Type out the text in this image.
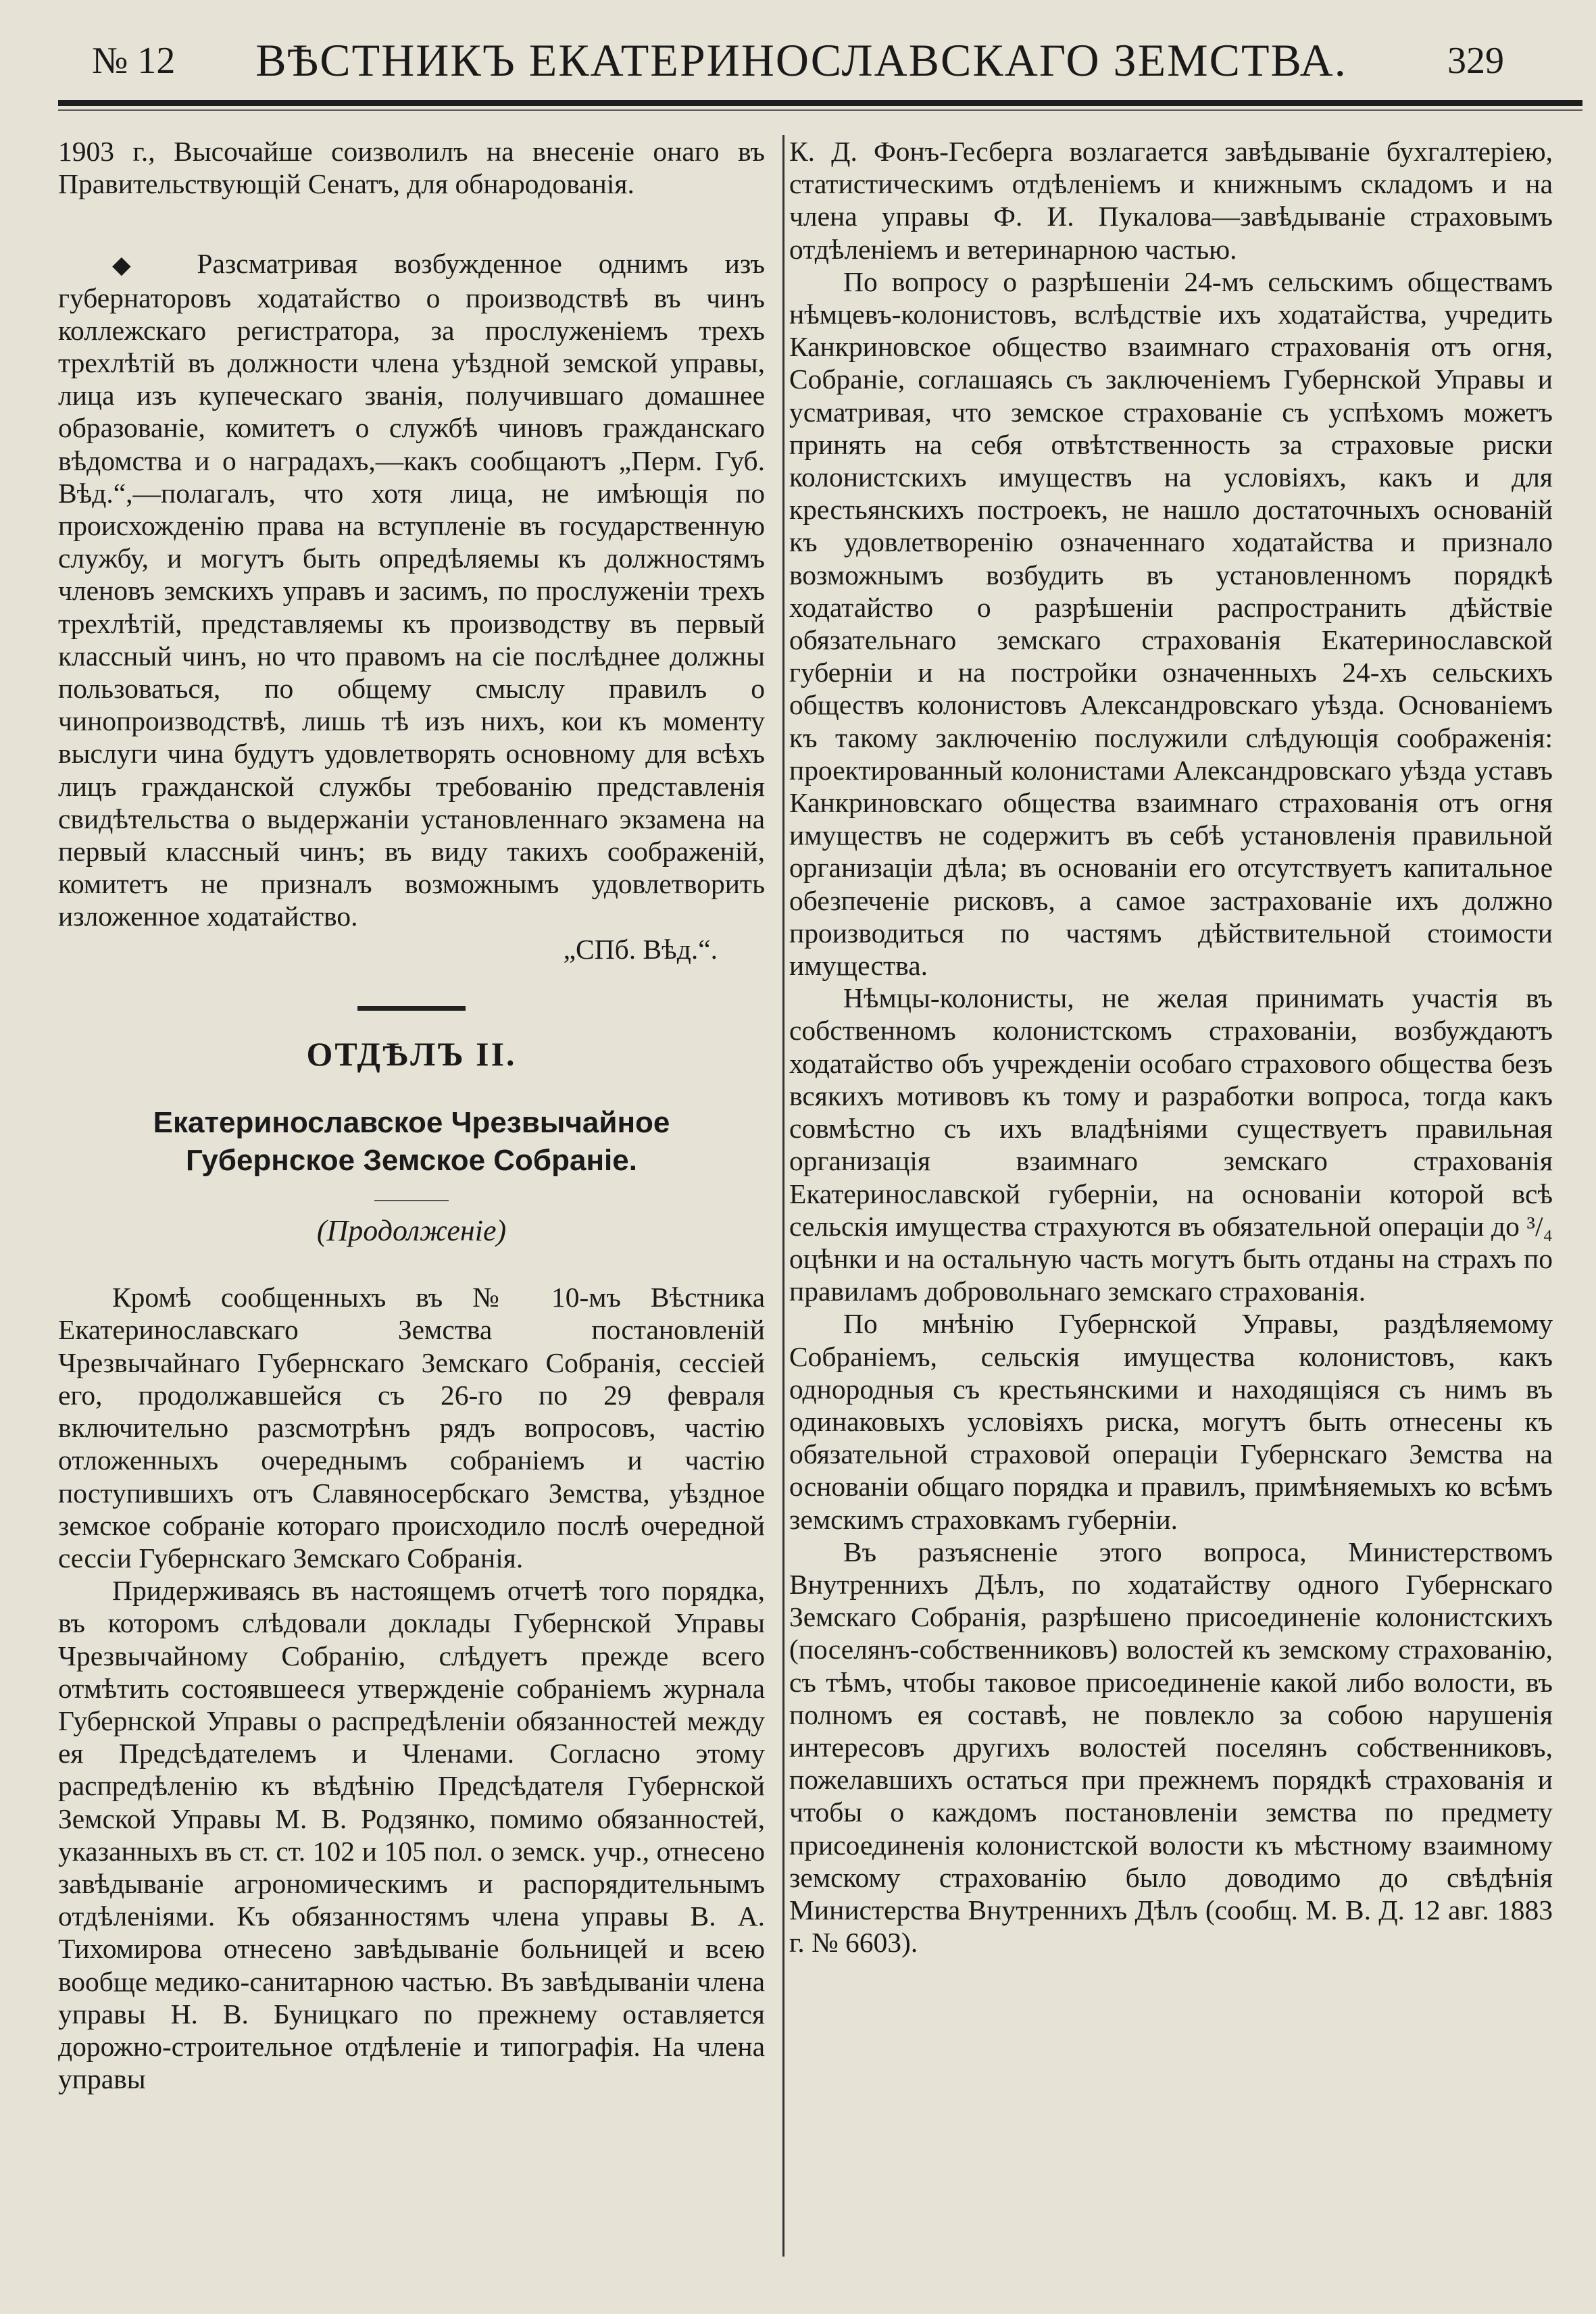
№ 12	ВѢСТНИКЪ ЕКАТЕРИНОСЛАВСКАГО ЗЕМСТВА.	329

1903 г., Высочайше соизволилъ на внесеніе онаго въ Правительствующій Сенатъ, для обнародованія.

◆ Разсматривая возбужденное однимъ изъ губернаторовъ ходатайство о производствѣ въ чинъ коллежскаго регистратора, за прослуженіемъ трехъ трехлѣтій въ должности члена уѣздной земской управы, лица изъ купеческаго званія, получившаго домашнее образованіе, комитетъ о службѣ чиновъ гражданскаго вѣдомства и о наградахъ,—какъ сообщаютъ „Перм. Губ. Вѣд.“,—полагалъ, что хотя лица, не имѣющія по происхожденію права на вступленіе въ государственную службу, и могутъ быть опредѣляемы къ должностямъ членовъ земскихъ управъ и засимъ, по прослуженіи трехъ трехлѣтій, представляемы къ производству въ первый классный чинъ, но что правомъ на сіе послѣднее должны пользоваться, по общему смыслу правилъ о чинопроизводствѣ, лишь тѣ изъ нихъ, кои къ моменту выслуги чина будутъ удовлетворять основному для всѣхъ лицъ гражданской службы требованію представленія свидѣтельства о выдержаніи установленнаго экзамена на первый классный чинъ; въ виду такихъ соображеній, комитетъ не призналъ возможнымъ удовлетворить изложенное ходатайство.

„СПб. Вѣд.“.

ОТДѢЛЪ II.
Екатеринославское Чрезвычайное Губернское Земское Собраніе.
(Продолженіе)

Кромѣ сообщенныхъ въ № 10-мъ Вѣстника Екатеринославскаго Земства постановленій Чрезвычайнаго Губернскаго Земскаго Собранія, сессіей его, продолжавшейся съ 26-го по 29 февраля включительно разсмотрѣнъ рядъ вопросовъ, частію отложенныхъ очереднымъ собраніемъ и частію поступившихъ отъ Славяносербскаго Земства, уѣздное земское собраніе котораго происходило послѣ очередной сессіи Губернскаго Земскаго Собранія.

Придерживаясь въ настоящемъ отчетѣ того порядка, въ которомъ слѣдовали доклады Губернской Управы Чрезвычайному Собранію, слѣдуетъ прежде всего отмѣтить состоявшееся утвержденіе собраніемъ журнала Губернской Управы о распредѣленіи обязанностей между ея Предсѣдателемъ и Членами. Согласно этому распредѣленію къ вѣдѣнію Предсѣдателя Губернской Земской Управы М. В. Родзянко, помимо обязанностей, указанныхъ въ ст. ст. 102 и 105 пол. о земск. учр., отнесено завѣдываніе агрономическимъ и распорядительнымъ отдѣленіями. Къ обязанностямъ члена управы В. А. Тихомирова отнесено завѣдываніе больницей и всею вообще медико-санитарною частью. Въ завѣдываніи члена управы Н. В. Буницкаго по прежнему оставляется дорожно-строительное отдѣленіе и типографія. На члена управы

К. Д. Фонъ-Гесберга возлагается завѣдываніе бухгалтеріею, статистическимъ отдѣленіемъ и книжнымъ складомъ и на члена управы Ф. И. Пукалова—завѣдываніе страховымъ отдѣленіемъ и ветеринарною частью.

По вопросу о разрѣшеніи 24-мъ сельскимъ обществамъ нѣмцевъ-колонистовъ, вслѣдствіе ихъ ходатайства, учредить Канкриновское общество взаимнаго страхованія отъ огня, Собраніе, соглашаясь съ заключеніемъ Губернской Управы и усматривая, что земское страхованіе съ успѣхомъ можетъ принять на себя отвѣтственность за страховые риски колонистскихъ имуществъ на условіяхъ, какъ и для крестьянскихъ построекъ, не нашло достаточныхъ основаній къ удовлетворенію означеннаго ходатайства и признало возможнымъ возбудить въ установленномъ порядкѣ ходатайство о разрѣшеніи распространить дѣйствіе обязательнаго земскаго страхованія Екатеринославской губерніи и на постройки означенныхъ 24-хъ сельскихъ обществъ колонистовъ Александровскаго уѣзда. Основаніемъ къ такому заключенію послужили слѣдующія соображенія: проектированный колонистами Александровскаго уѣзда уставъ Канкриновскаго общества взаимнаго страхованія отъ огня имуществъ не содержитъ въ себѣ установленія правильной организаціи дѣла; въ основаніи его отсутствуетъ капитальное обезпеченіе рисковъ, а самое застрахованіе ихъ должно производиться по частямъ дѣйствительной стоимости имущества.

Нѣмцы-колонисты, не желая принимать участія въ собственномъ колонистскомъ страхованіи, возбуждаютъ ходатайство объ учрежденіи особаго страхового общества безъ всякихъ мотивовъ къ тому и разработки вопроса, тогда какъ совмѣстно съ ихъ владѣніями существуетъ правильная организація взаимнаго земскаго страхованія Екатеринославской губерніи, на основаніи которой всѣ сельскія имущества страхуются въ обязательной операціи до ³/₄ оцѣнки и на остальную часть могутъ быть отданы на страхъ по правиламъ добровольнаго земскаго страхованія.

По мнѣнію Губернской Управы, раздѣляемому Собраніемъ, сельскія имущества колонистовъ, какъ однородныя съ крестьянскими и находящіяся съ нимъ въ одинаковыхъ условіяхъ риска, могутъ быть отнесены къ обязательной страховой операціи Губернскаго Земства на основаніи общаго порядка и правилъ, примѣняемыхъ ко всѣмъ земскимъ страховкамъ губерніи.

Въ разъясненіе этого вопроса, Министерствомъ Внутреннихъ Дѣлъ, по ходатайству одного Губернскаго Земскаго Собранія, разрѣшено присоединеніе колонистскихъ (поселянъ-собственниковъ) волостей къ земскому страхованію, съ тѣмъ, чтобы таковое присоединеніе какой либо волости, въ полномъ ея составѣ, не повлекло за собою нарушенія интересовъ другихъ волостей поселянъ собственниковъ, пожелавшихъ остаться при прежнемъ порядкѣ страхованія и чтобы о каждомъ постановленіи земства по предмету присоединенія колонистской волости къ мѣстному взаимному земскому страхованію было доводимо до свѣдѣнія Министерства Внутреннихъ Дѣлъ (сообщ. М. В. Д. 12 авг. 1883 г. № 6603).
